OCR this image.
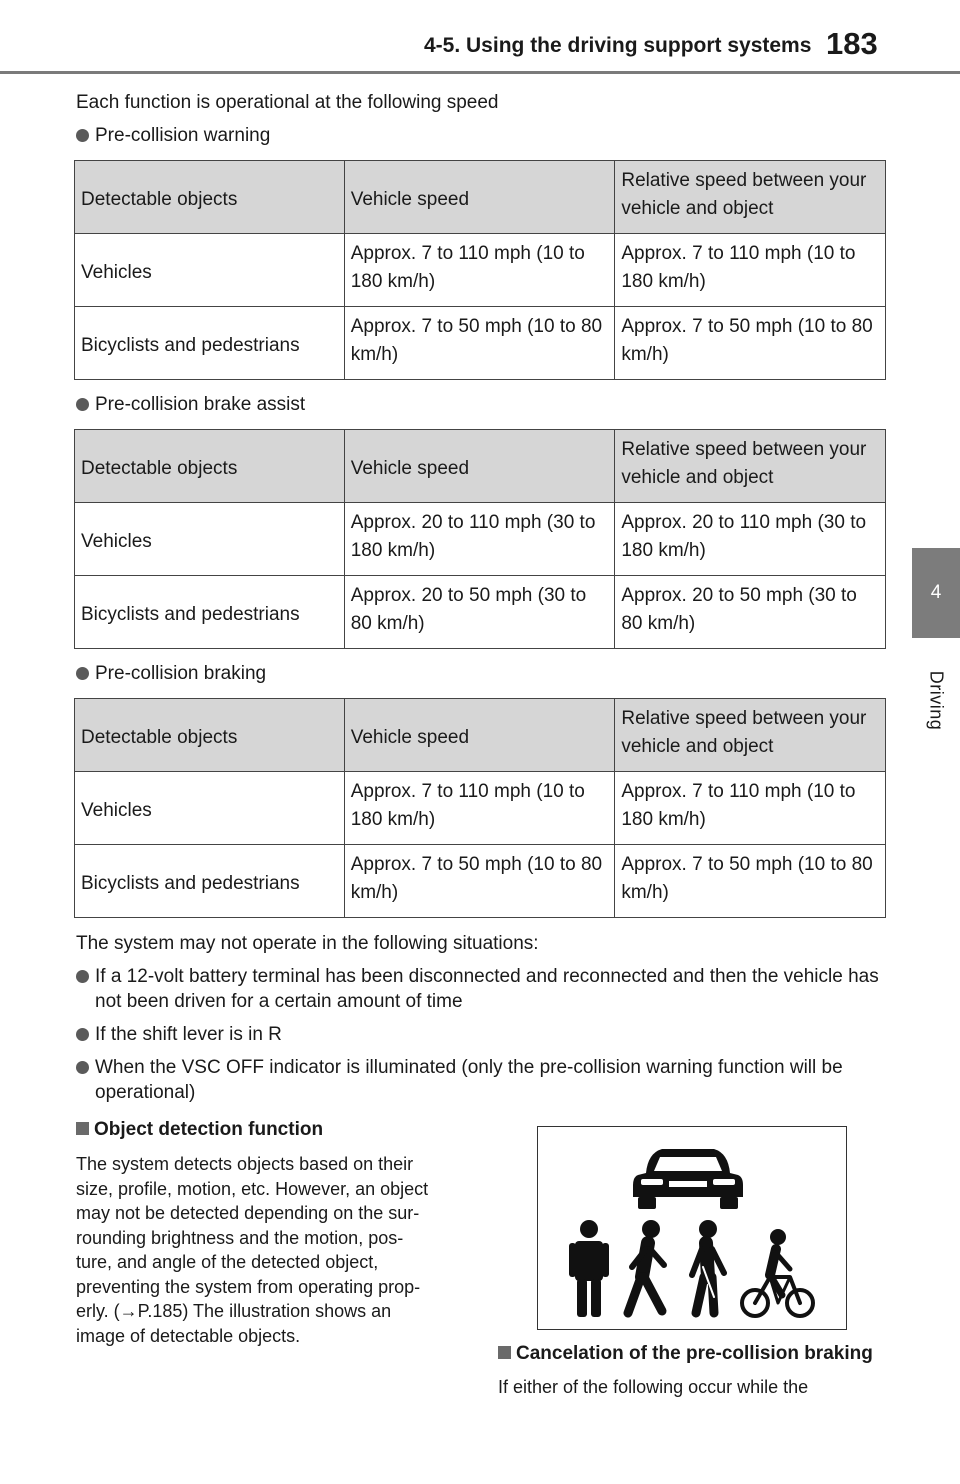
4-5. Using the driving support systems 183
4
Driving
Each function is operational at the following speed
Pre-collision warning
Detectable objects	Vehicle speed	Relative speed between your vehicle and object
Vehicles	Approx. 7 to 110 mph (10 to 180 km/h)	Approx. 7 to 110 mph (10 to 180 km/h)
Bicyclists and pedestrians	Approx. 7 to 50 mph (10 to 80 km/h)	Approx. 7 to 50 mph (10 to 80 km/h)
Pre-collision brake assist
Detectable objects	Vehicle speed	Relative speed between your vehicle and object
Vehicles	Approx. 20 to 110 mph (30 to 180 km/h)	Approx. 20 to 110 mph (30 to 180 km/h)
Bicyclists and pedestrians	Approx. 20 to 50 mph (30 to 80 km/h)	Approx. 20 to 50 mph (30 to 80 km/h)
Pre-collision braking
Detectable objects	Vehicle speed	Relative speed between your vehicle and object
Vehicles	Approx. 7 to 110 mph (10 to 180 km/h)	Approx. 7 to 110 mph (10 to 180 km/h)
Bicyclists and pedestrians	Approx. 7 to 50 mph (10 to 80 km/h)	Approx. 7 to 50 mph (10 to 80 km/h)
The system may not operate in the following situations:
If a 12-volt battery terminal has been disconnected and reconnected and then the vehicle has not been driven for a certain amount of time
If the shift lever is in R
When the VSC OFF indicator is illuminated (only the pre-collision warning function will be operational)
Object detection function
The system detects objects based on their
size, profile, motion, etc. However, an object
may not be detected depending on the sur-
rounding brightness and the motion, pos-
ture, and angle of the detected object,
preventing the system from operating prop-
erly. (→P.185) The illustration shows an
image of detectable objects.
Cancelation of the pre-collision braking
If either of the following occur while the
